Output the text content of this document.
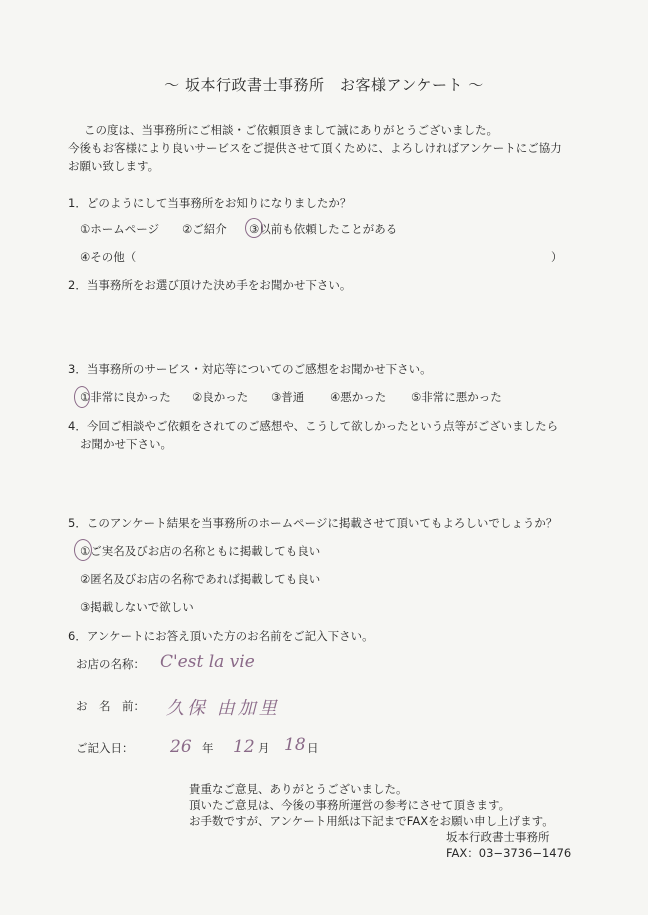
〜 坂本行政書士事務所　お客様アンケート 〜
この度は、当事務所にご相談・ご依頼頂きまして誠にありがとうございました。
今後もお客様により良いサービスをご提供させて頂くために、よろしければアンケートにご協力
お願い致します。
1．どのようにして当事務所をお知りになりましたか？
①ホームページ ②ご紹介 ③以前も依頼したことがある
④その他（	）
2．当事務所をお選び頂けた決め手をお聞かせ下さい。
3．当事務所のサービス・対応等についてのご感想をお聞かせ下さい。
①非常に良かった ②良かった ③普通 ④悪かった ⑤非常に悪かった
4．今回ご相談やご依頼をされてのご感想や、こうして欲しかったという点等がございましたら
お聞かせ下さい。
5．このアンケート結果を当事務所のホームページに掲載させて頂いてもよろしいでしょうか？
①ご実名及びお店の名称ともに掲載しても良い
②匿名及びお店の名称であれば掲載しても良い
③掲載しないで欲しい
6．アンケートにお答え頂いた方のお名前をご記入下さい。
お店の名称： C'est la vie
お　名　前： 久保 由加里
ご記入日： 26 年 12 月 18 日
貴重なご意見、ありがとうございました。
頂いたご意見は、今後の事務所運営の参考にさせて頂きます。
お手数ですが、アンケート用紙は下記までFAXをお願い申し上げます。
坂本行政書士事務所
FAX：03−3736−1476
